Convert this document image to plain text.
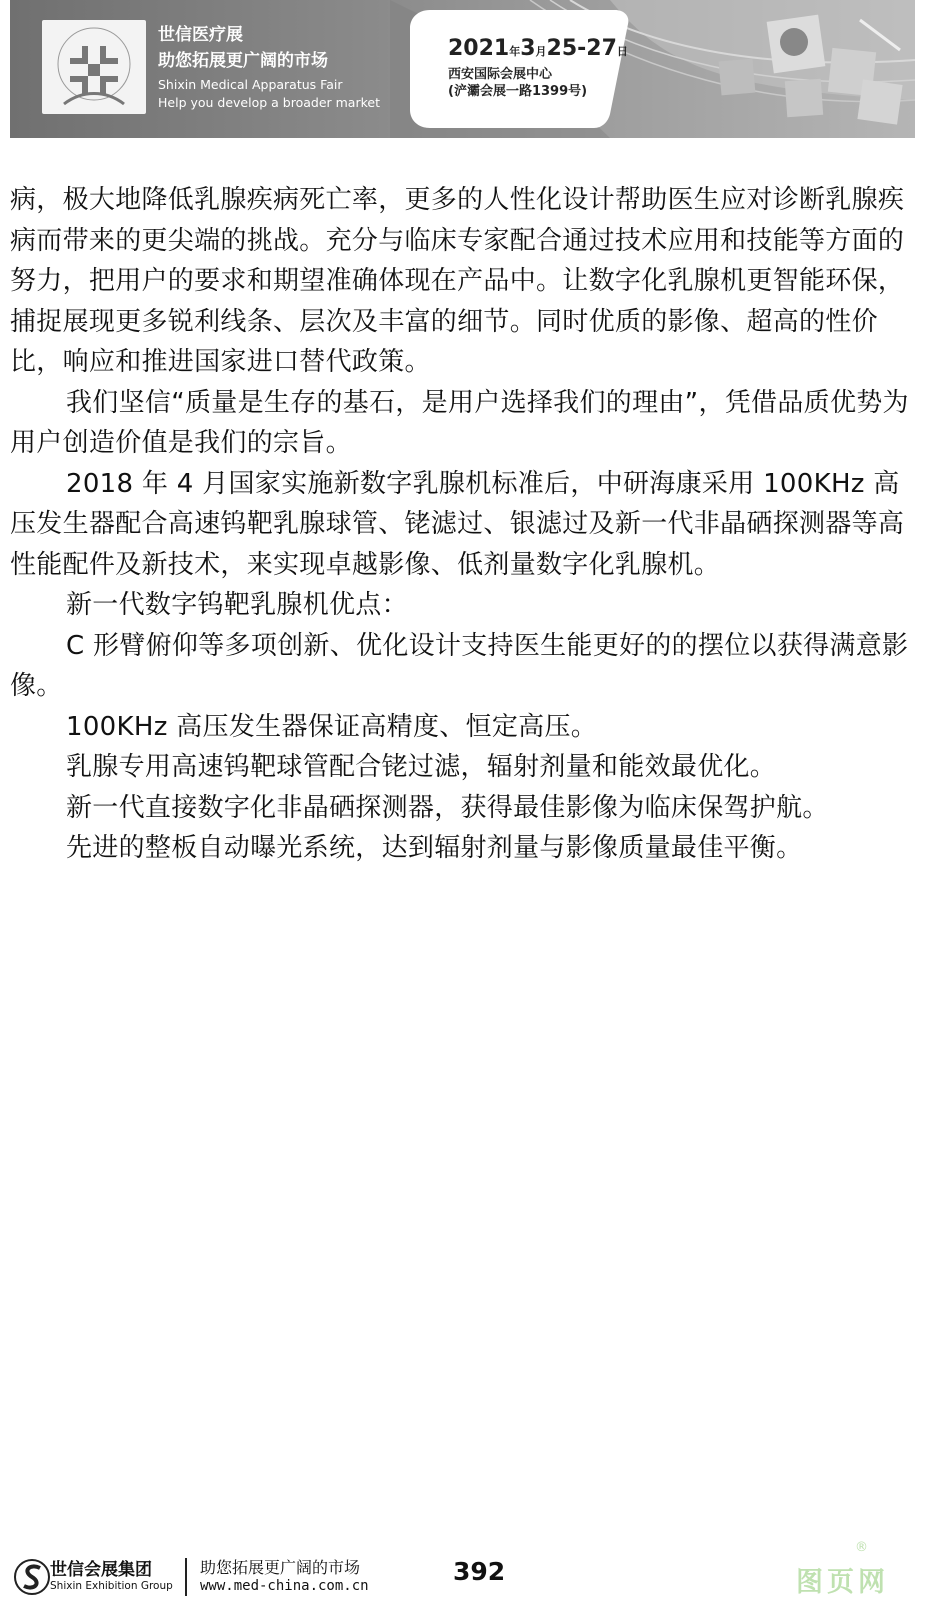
世信医疗展
助您拓展更广阔的市场
Shixin Medical Apparatus Fair
Help you develop a broader market
2021年3月25-27日
西安国际会展中心
(浐灞会展一路1399号)

病，极大地降低乳腺疾病死亡率，更多的人性化设计帮助医生应对诊断乳腺疾病而带来的更尖端的挑战。充分与临床专家配合通过技术应用和技能等方面的努力，把用户的要求和期望准确体现在产品中。让数字化乳腺机更智能环保，捕捉展现更多锐利线条、层次及丰富的细节。同时优质的影像、超高的性价比，响应和推进国家进口替代政策。

我们坚信“质量是生存的基石，是用户选择我们的理由”，凭借品质优势为用户创造价值是我们的宗旨。

2018 年 4 月国家实施新数字乳腺机标准后，中研海康采用 100KHz 高压发生器配合高速钨靶乳腺球管、铑滤过、银滤过及新一代非晶硒探测器等高性能配件及新技术，来实现卓越影像、低剂量数字化乳腺机。

新一代数字钨靶乳腺机优点：

C 形臂俯仰等多项创新、优化设计支持医生能更好的的摆位以获得满意影像。

100KHz 高压发生器保证高精度、恒定高压。

乳腺专用高速钨靶球管配合铑过滤，辐射剂量和能效最优化。

新一代直接数字化非晶硒探测器，获得最佳影像为临床保驾护航。

先进的整板自动曝光系统，达到辐射剂量与影像质量最佳平衡。

世信会展集团
Shixin Exhibition Group
助您拓展更广阔的市场
www.med-china.com.cn	392
®
图页网
